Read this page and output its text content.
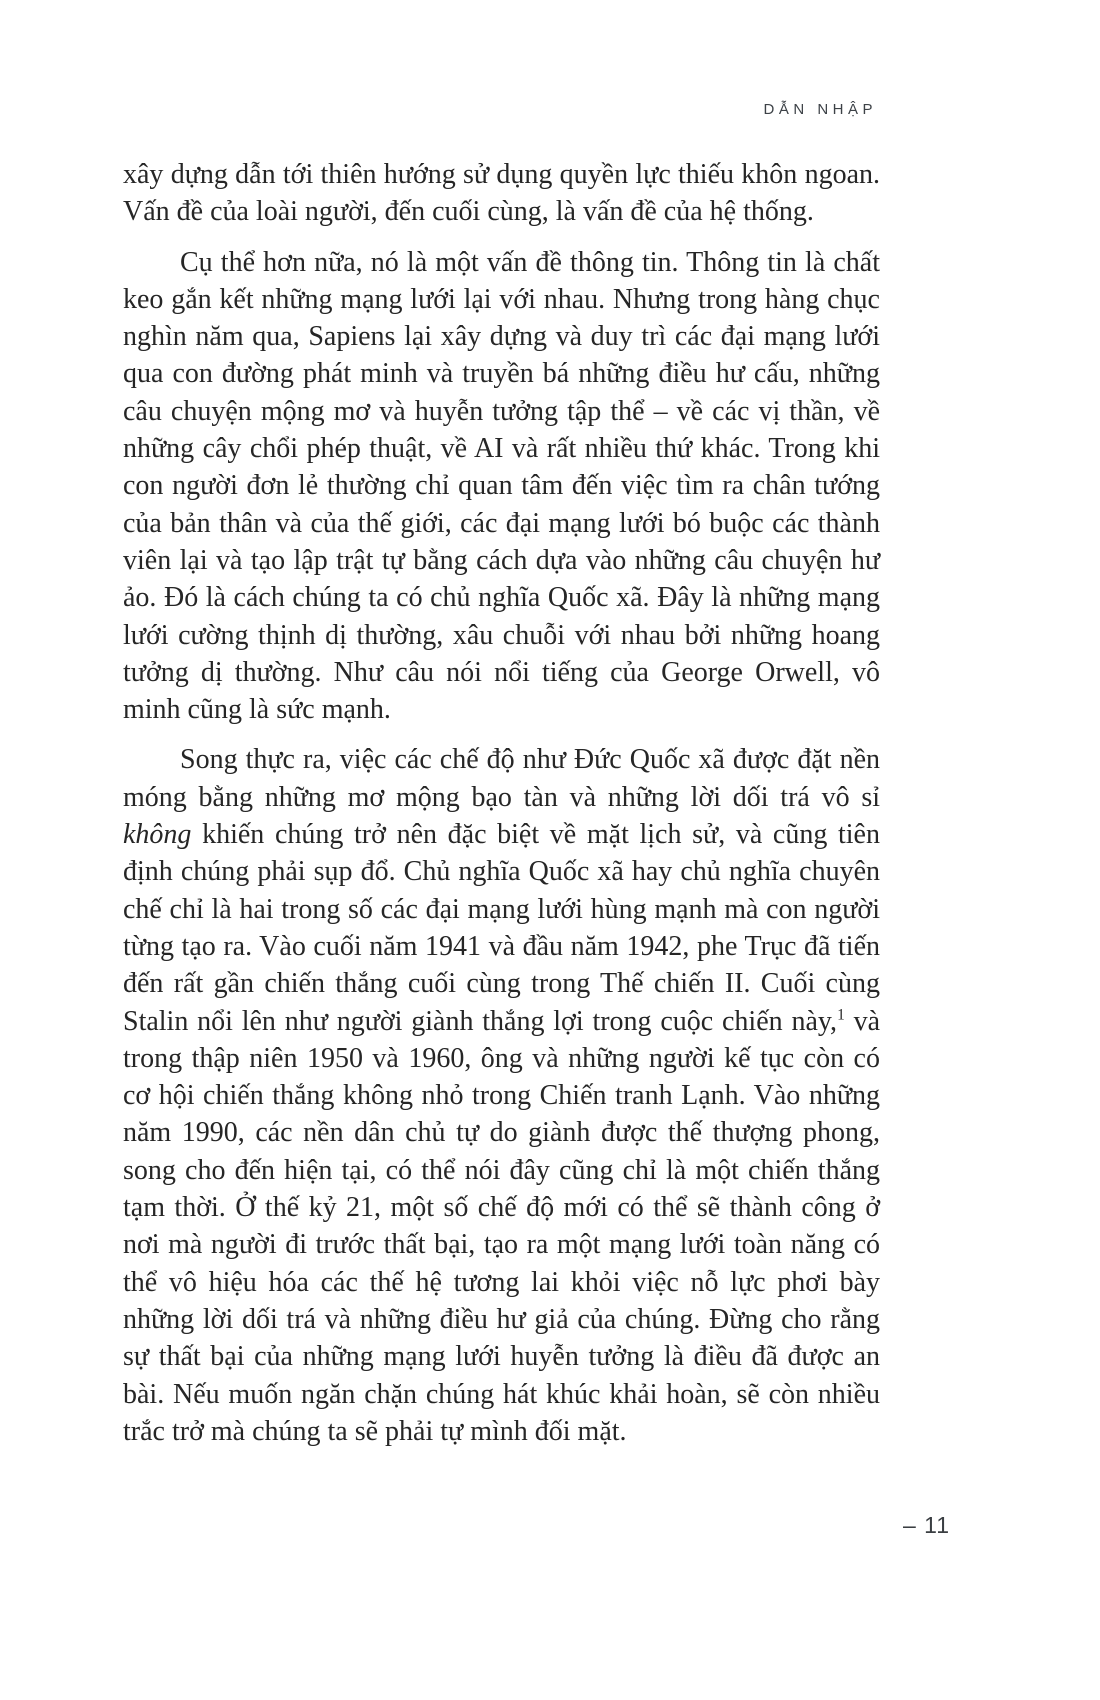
DẪN NHẬP

xây dựng dẫn tới thiên hướng sử dụng quyền lực thiếu khôn ngoan. Vấn đề của loài người, đến cuối cùng, là vấn đề của hệ thống.

Cụ thể hơn nữa, nó là một vấn đề thông tin. Thông tin là chất keo gắn kết những mạng lưới lại với nhau. Nhưng trong hàng chục nghìn năm qua, Sapiens lại xây dựng và duy trì các đại mạng lưới qua con đường phát minh và truyền bá những điều hư cấu, những câu chuyện mộng mơ và huyễn tưởng tập thể – về các vị thần, về những cây chổi phép thuật, về AI và rất nhiều thứ khác. Trong khi con người đơn lẻ thường chỉ quan tâm đến việc tìm ra chân tướng của bản thân và của thế giới, các đại mạng lưới bó buộc các thành viên lại và tạo lập trật tự bằng cách dựa vào những câu chuyện hư ảo. Đó là cách chúng ta có chủ nghĩa Quốc xã. Đây là những mạng lưới cường thịnh dị thường, xâu chuỗi với nhau bởi những hoang tưởng dị thường. Như câu nói nổi tiếng của George Orwell, vô minh cũng là sức mạnh.

Song thực ra, việc các chế độ như Đức Quốc xã được đặt nền móng bằng những mơ mộng bạo tàn và những lời dối trá vô sỉ không khiến chúng trở nên đặc biệt về mặt lịch sử, và cũng tiên định chúng phải sụp đổ. Chủ nghĩa Quốc xã hay chủ nghĩa chuyên chế chỉ là hai trong số các đại mạng lưới hùng mạnh mà con người từng tạo ra. Vào cuối năm 1941 và đầu năm 1942, phe Trục đã tiến đến rất gần chiến thắng cuối cùng trong Thế chiến II. Cuối cùng Stalin nổi lên như người giành thắng lợi trong cuộc chiến này,$^1$ và trong thập niên 1950 và 1960, ông và những người kế tục còn có cơ hội chiến thắng không nhỏ trong Chiến tranh Lạnh. Vào những năm 1990, các nền dân chủ tự do giành được thế thượng phong, song cho đến hiện tại, có thể nói đây cũng chỉ là một chiến thắng tạm thời. Ở thế kỷ 21, một số chế độ mới có thể sẽ thành công ở nơi mà người đi trước thất bại, tạo ra một mạng lưới toàn năng có thể vô hiệu hóa các thế hệ tương lai khỏi việc nỗ lực phơi bày những lời dối trá và những điều hư giả của chúng. Đừng cho rằng sự thất bại của những mạng lưới huyễn tưởng là điều đã được an bài. Nếu muốn ngăn chặn chúng hát khúc khải hoàn, sẽ còn nhiều trắc trở mà chúng ta sẽ phải tự mình đối mặt.

– 11
